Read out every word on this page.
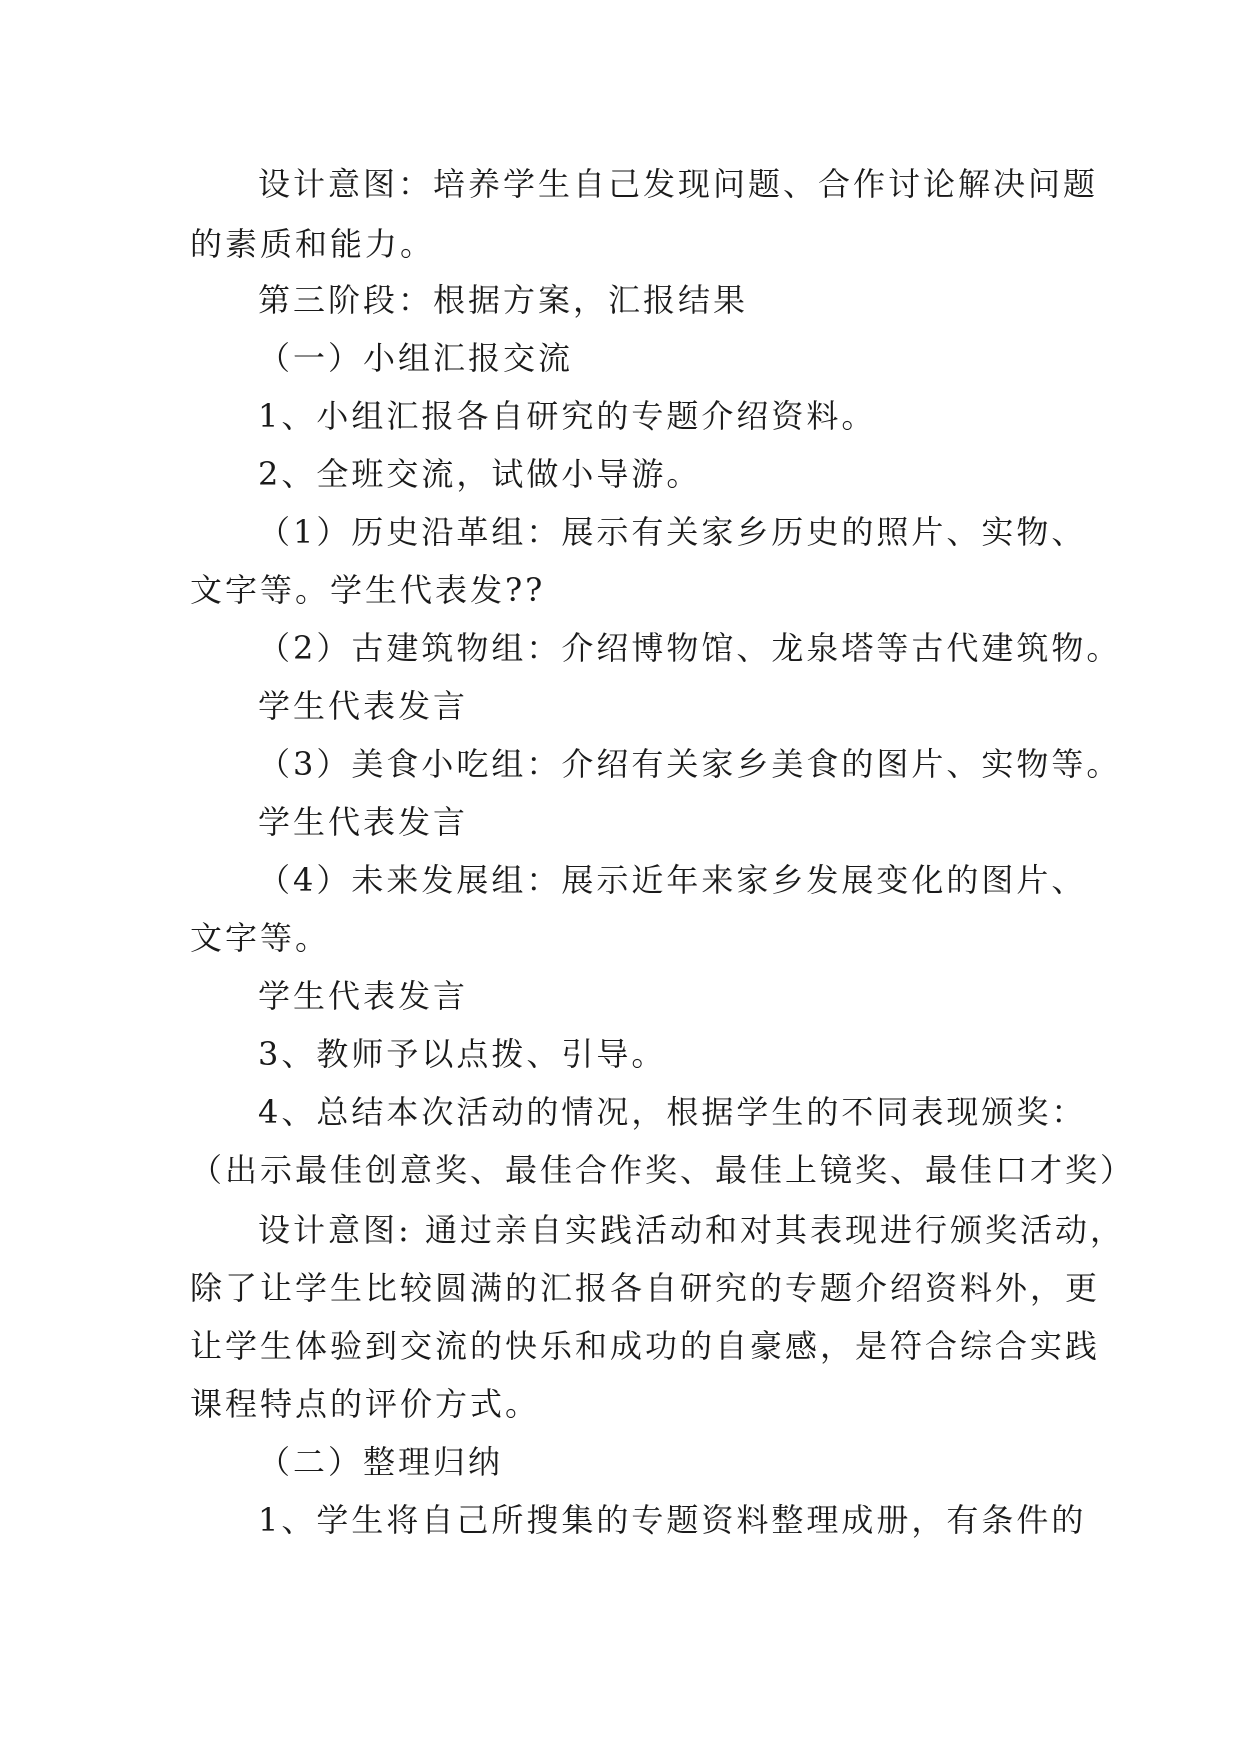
设计意图：培养学生自己发现问题、合作讨论解决问题
的素质和能力。
第三阶段：根据方案，汇报结果
（一）小组汇报交流
1、小组汇报各自研究的专题介绍资料。
2、全班交流，试做小导游。
（1）历史沿革组：展示有关家乡历史的照片、实物、
文字等。学生代表发??
（2）古建筑物组：介绍博物馆、龙泉塔等古代建筑物。
学生代表发言
（3）美食小吃组：介绍有关家乡美食的图片、实物等。
学生代表发言
（4）未来发展组：展示近年来家乡发展变化的图片、
文字等。
学生代表发言
3、教师予以点拨、引导。
4、总结本次活动的情况，根据学生的不同表现颁奖：
（出示最佳创意奖、最佳合作奖、最佳上镜奖、最佳口才奖）
设计意图: 通过亲自实践活动和对其表现进行颁奖活动，
除了让学生比较圆满的汇报各自研究的专题介绍资料外，更
让学生体验到交流的快乐和成功的自豪感，是符合综合实践
课程特点的评价方式。
（二）整理归纳
1、学生将自己所搜集的专题资料整理成册，有条件的
